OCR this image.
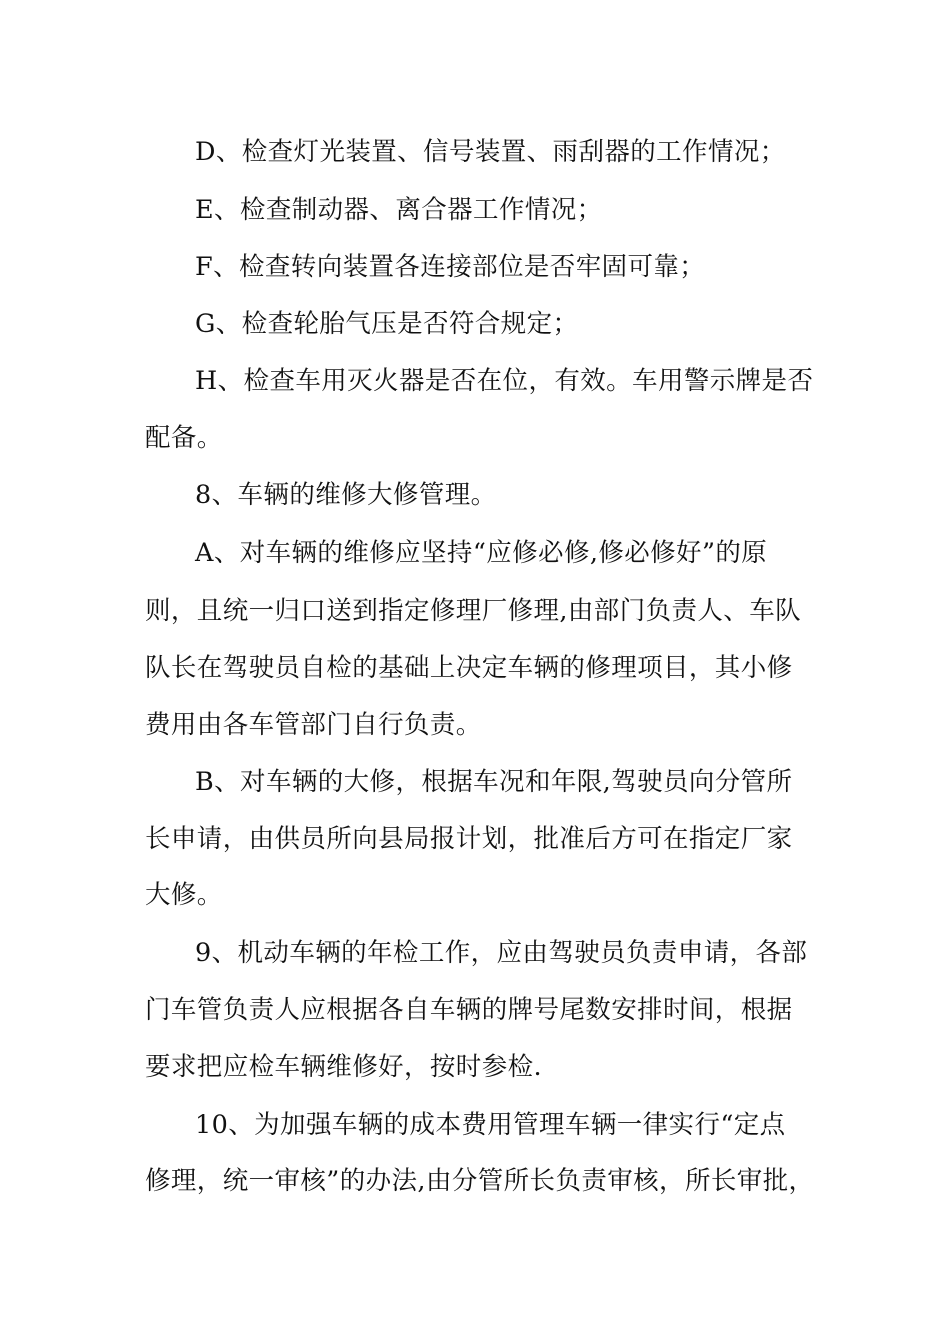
D、检查灯光装置、信号装置、雨刮器的工作情况；
E、检查制动器、离合器工作情况；
F、检查转向装置各连接部位是否牢固可靠；
G、检查轮胎气压是否符合规定；
H、检查车用灭火器是否在位，有效。车用警示牌是否
配备。
8、车辆的维修大修管理。
A、对车辆的维修应坚持“应修必修,修必修好”的原
则，且统一归口送到指定修理厂修理,由部门负责人、车队
队长在驾驶员自检的基础上决定车辆的修理项目，其小修
费用由各车管部门自行负责。
B、对车辆的大修，根据车况和年限,驾驶员向分管所
长申请，由供员所向县局报计划，批准后方可在指定厂家
大修。
9、机动车辆的年检工作，应由驾驶员负责申请，各部
门车管负责人应根据各自车辆的牌号尾数安排时间，根据
要求把应检车辆维修好，按时参检.
10、为加强车辆的成本费用管理车辆一律实行“定点
修理，统一审核”的办法,由分管所长负责审核，所长审批，
